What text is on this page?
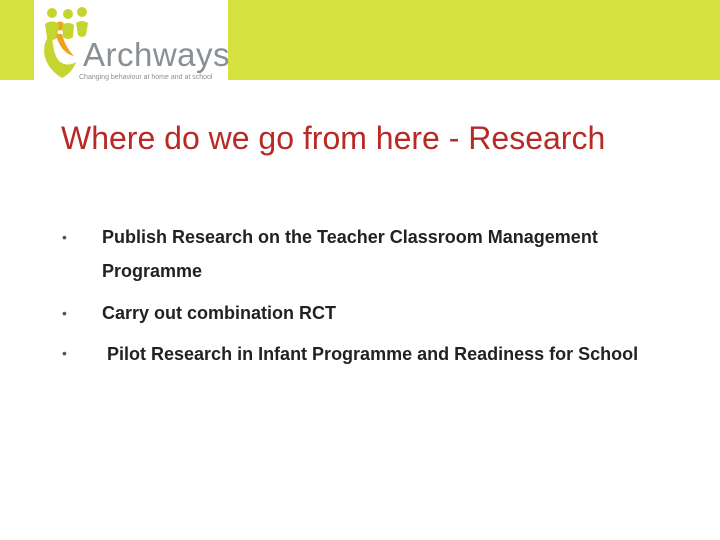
Archways
Changing behaviour at home and at school
Where do we go from here - Research
• Publish Research on the Teacher Classroom Management Programme
• Carry out combination RCT
• Pilot Research in Infant Programme and Readiness for School
